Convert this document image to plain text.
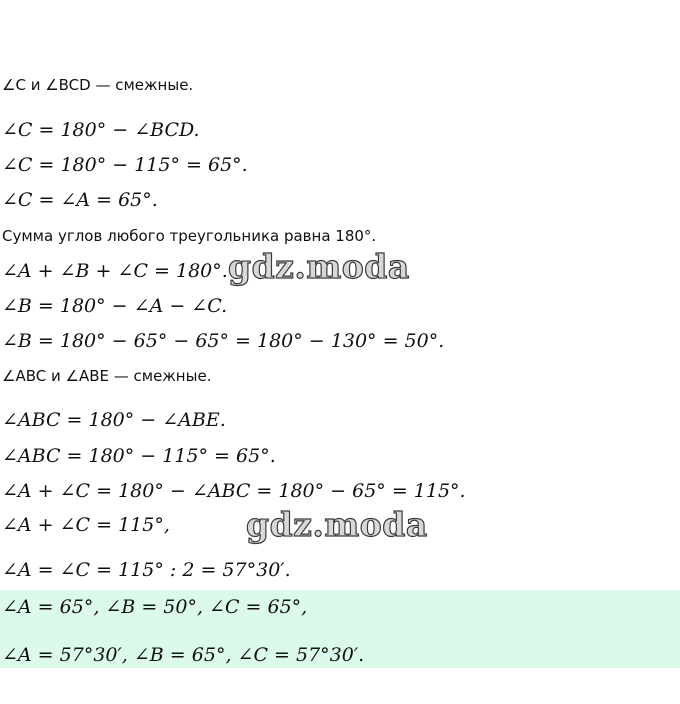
∠C и ∠BCD — смежные.
∠C = 180° − ∠BCD.
∠C = 180° − 115° = 65°.
∠C = ∠A = 65°.
Сумма углов любого треугольника равна 180°.
∠A + ∠B + ∠C = 180°.
∠B = 180° − ∠A − ∠C.
∠B = 180° − 65° − 65° = 180° − 130° = 50°.
∠ABC и ∠ABE — смежные.
∠ABC = 180° − ∠ABE.
∠ABC = 180° − 115° = 65°.
∠A + ∠C = 180° − ∠ABC = 180° − 65° = 115°.
∠A + ∠C = 115°,
∠A = ∠C = 115° : 2 = 57°30′.
∠A = 65°, ∠B = 50°, ∠C = 65°,
∠A = 57°30′, ∠B = 65°, ∠C = 57°30′.
gdz.moda
gdz.moda
